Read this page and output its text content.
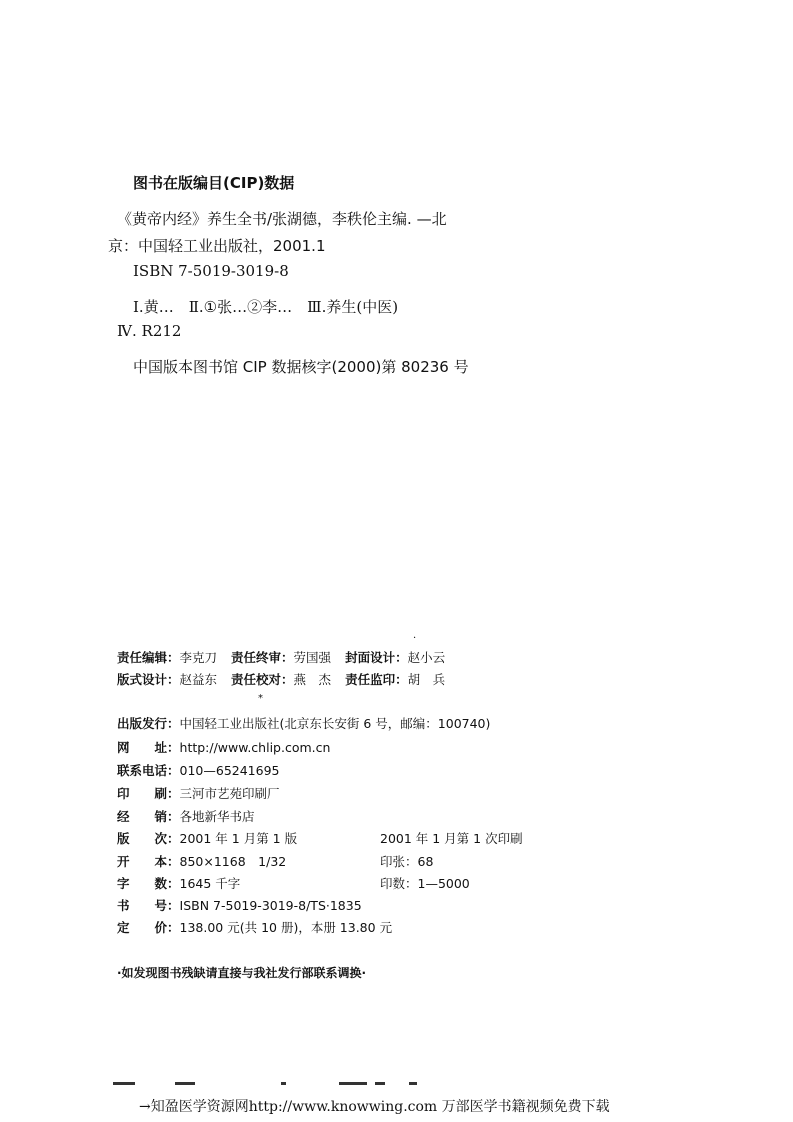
图书在版编目(CIP)数据
《黄帝内经》养生全书/张湖德，李秩伦主编. —北
京：中国轻工业出版社，2001.1
ISBN 7-5019-3019-8
Ⅰ.黄…　Ⅱ.①张…②李…　Ⅲ.养生(中医)
Ⅳ. R212
中国版本图书馆 CIP 数据核字(2000)第 80236 号
·
责任编辑：李克刀 责任终审：劳国强 封面设计：赵小云
版式设计：赵益东 责任校对：燕　杰 责任监印：胡　兵
*
出版发行：中国轻工业出版社(北京东长安街 6 号，邮编：100740)
网　　址：http://www.chlip.com.cn
联系电话：010—65241695
印　　刷：三河市艺苑印刷厂
经　　销：各地新华书店
版　　次：2001 年 1 月第 1 版	2001 年 1 月第 1 次印刷
开　　本：850×1168　1/32	印张：68
字　　数：1645 千字	印数：1—5000
书　　号：ISBN 7-5019-3019-8/TS·1835
定　　价：138.00 元(共 10 册)，本册 13.80 元
·如发现图书残缺请直接与我社发行部联系调换·
→知盈医学资源网http://www.knowwing.com 万部医学书籍视频免费下载
